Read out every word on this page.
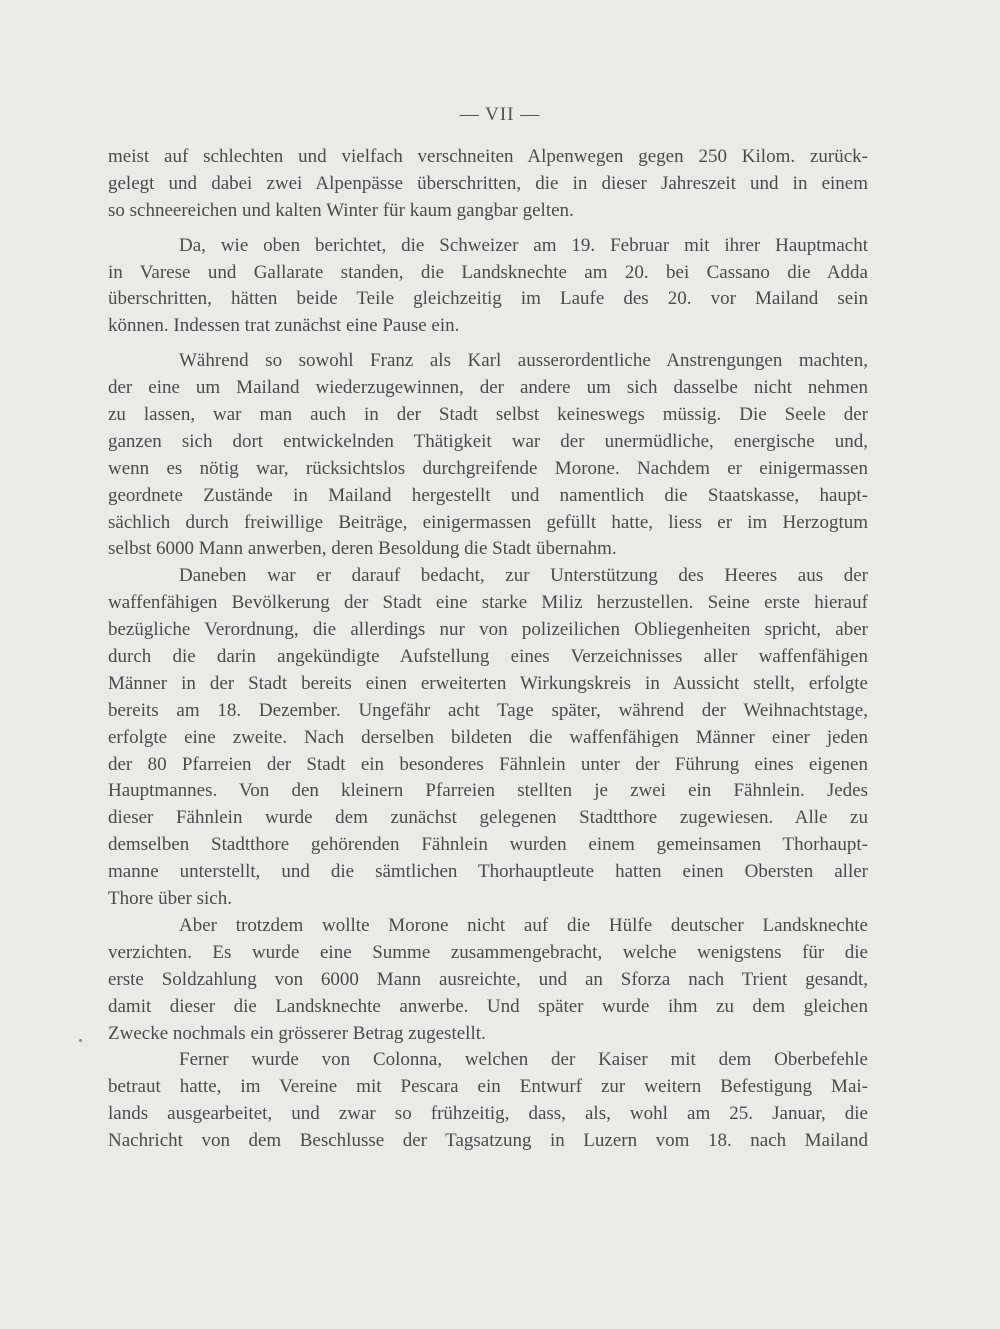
— VII —
meist auf schlechten und vielfach verschneiten Alpenwegen gegen 250 Kilom. zurück-
gelegt und dabei zwei Alpenpässe überschritten, die in dieser Jahreszeit und in einem
so schneereichen und kalten Winter für kaum gangbar gelten.
Da, wie oben berichtet, die Schweizer am 19. Februar mit ihrer Hauptmacht
in Varese und Gallarate standen, die Landsknechte am 20. bei Cassano die Adda
überschritten, hätten beide Teile gleichzeitig im Laufe des 20. vor Mailand sein
können. Indessen trat zunächst eine Pause ein.
Während so sowohl Franz als Karl ausserordentliche Anstrengungen machten,
der eine um Mailand wiederzugewinnen, der andere um sich dasselbe nicht nehmen
zu lassen, war man auch in der Stadt selbst keineswegs müssig. Die Seele der
ganzen sich dort entwickelnden Thätigkeit war der unermüdliche, energische und,
wenn es nötig war, rücksichtslos durchgreifende Morone. Nachdem er einigermassen
geordnete Zustände in Mailand hergestellt und namentlich die Staatskasse, haupt-
sächlich durch freiwillige Beiträge, einigermassen gefüllt hatte, liess er im Herzogtum
selbst 6000 Mann anwerben, deren Besoldung die Stadt übernahm.
Daneben war er darauf bedacht, zur Unterstützung des Heeres aus der
waffenfähigen Bevölkerung der Stadt eine starke Miliz herzustellen. Seine erste hierauf
bezügliche Verordnung, die allerdings nur von polizeilichen Obliegenheiten spricht, aber
durch die darin angekündigte Aufstellung eines Verzeichnisses aller waffenfähigen
Männer in der Stadt bereits einen erweiterten Wirkungskreis in Aussicht stellt, erfolgte
bereits am 18. Dezember. Ungefähr acht Tage später, während der Weihnachtstage,
erfolgte eine zweite. Nach derselben bildeten die waffenfähigen Männer einer jeden
der 80 Pfarreien der Stadt ein besonderes Fähnlein unter der Führung eines eigenen
Hauptmannes. Von den kleinern Pfarreien stellten je zwei ein Fähnlein. Jedes
dieser Fähnlein wurde dem zunächst gelegenen Stadtthore zugewiesen. Alle zu
demselben Stadtthore gehörenden Fähnlein wurden einem gemeinsamen Thorhaupt-
manne unterstellt, und die sämtlichen Thorhauptleute hatten einen Obersten aller
Thore über sich.
Aber trotzdem wollte Morone nicht auf die Hülfe deutscher Landsknechte
verzichten. Es wurde eine Summe zusammengebracht, welche wenigstens für die
erste Soldzahlung von 6000 Mann ausreichte, und an Sforza nach Trient gesandt,
damit dieser die Landsknechte anwerbe. Und später wurde ihm zu dem gleichen
Zwecke nochmals ein grösserer Betrag zugestellt.
Ferner wurde von Colonna, welchen der Kaiser mit dem Oberbefehle
betraut hatte, im Vereine mit Pescara ein Entwurf zur weitern Befestigung Mai-
lands ausgearbeitet, und zwar so frühzeitig, dass, als, wohl am 25. Januar, die
Nachricht von dem Beschlusse der Tagsatzung in Luzern vom 18. nach Mailand
